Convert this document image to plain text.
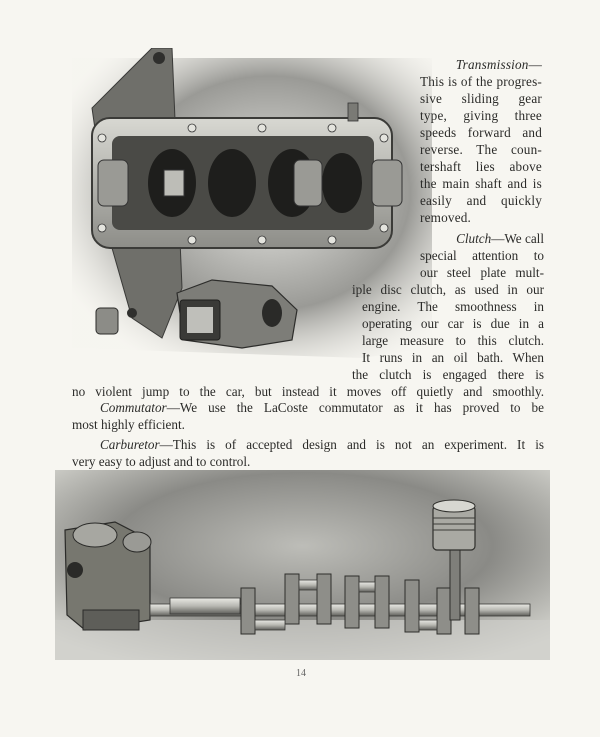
Transmission—
This is of the progres-
sive sliding gear
type, giving three
speeds forward and
reverse. The coun-
tershaft lies above
the main shaft and is
easily and quickly
removed.
Clutch—We call
special attention to
our steel plate mult-
iple disc clutch, as used in our
engine. The smoothness in
operating our car is due in a
large measure to this clutch.
It runs in an oil bath. When
the clutch is engaged there is
no violent jump to the car, but instead it moves off quietly and smoothly.
Commutator—We use the LaCoste commutator as it has proved to be
most highly efficient.
Carburetor—This is of accepted design and is not an experiment. It is
very easy to adjust and to control.
14
